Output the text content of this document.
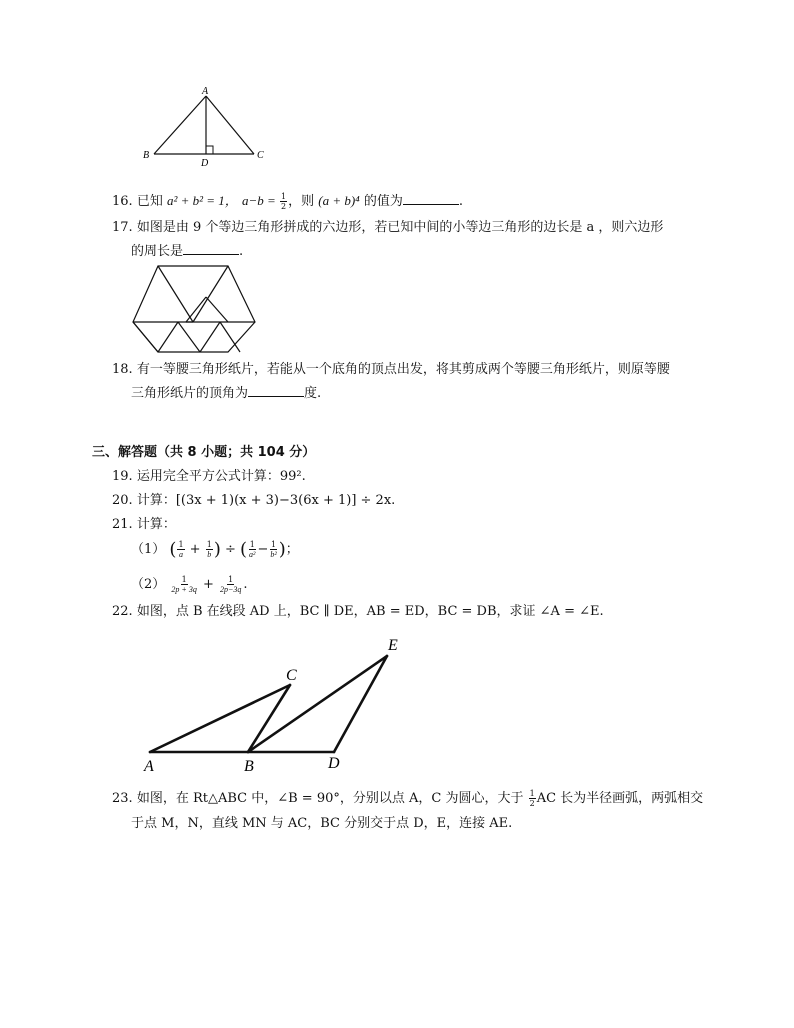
A
B
D
C
16. 已知 a² + b² = 1， $a-b = \frac{1}{2}$ ，则 (a + b)⁴ 的值为	.
17. 如图是由 9 个等边三角形拼成的六边形，若已知中间的小等边三角形的边长是 a ，则六边形
的周长是	.
18. 有一等腰三角形纸片，若能从一个底角的顶点出发，将其剪成两个等腰三角形纸片，则原等腰
三角形纸片的顶角为	度.
三、解答题（共 8 小题；共 104 分）
19. 运用完全平方公式计算：99².
20. 计算：[(3x + 1)(x + 3)−3(6x + 1)] ÷ 2x.
21. 计算：
（1） ( $\frac{1}{a} + \frac{1}{b}$ ) ÷ ( $\frac{1}{\text{a²}} - \frac{1}{\text{b²}}$ )；
$(2) \frac{1}{2p + 3q} + \frac{1}{2p-3q}$ .
22. 如图，点 B 在线段 AD 上，BC ∥ DE，AB = ED，BC = DB，求证 ∠A = ∠E.
A	B
C
D
E
23. 如图，在 Rt△ABC 中，∠B = 90°，分别以点 A，C 为圆心，大于 $\frac{1}{2}$ AC 长为半径画弧，两弧相交
于点 M，N，直线 MN 与 AC，BC 分别交于点 D，E，连接 AE.
